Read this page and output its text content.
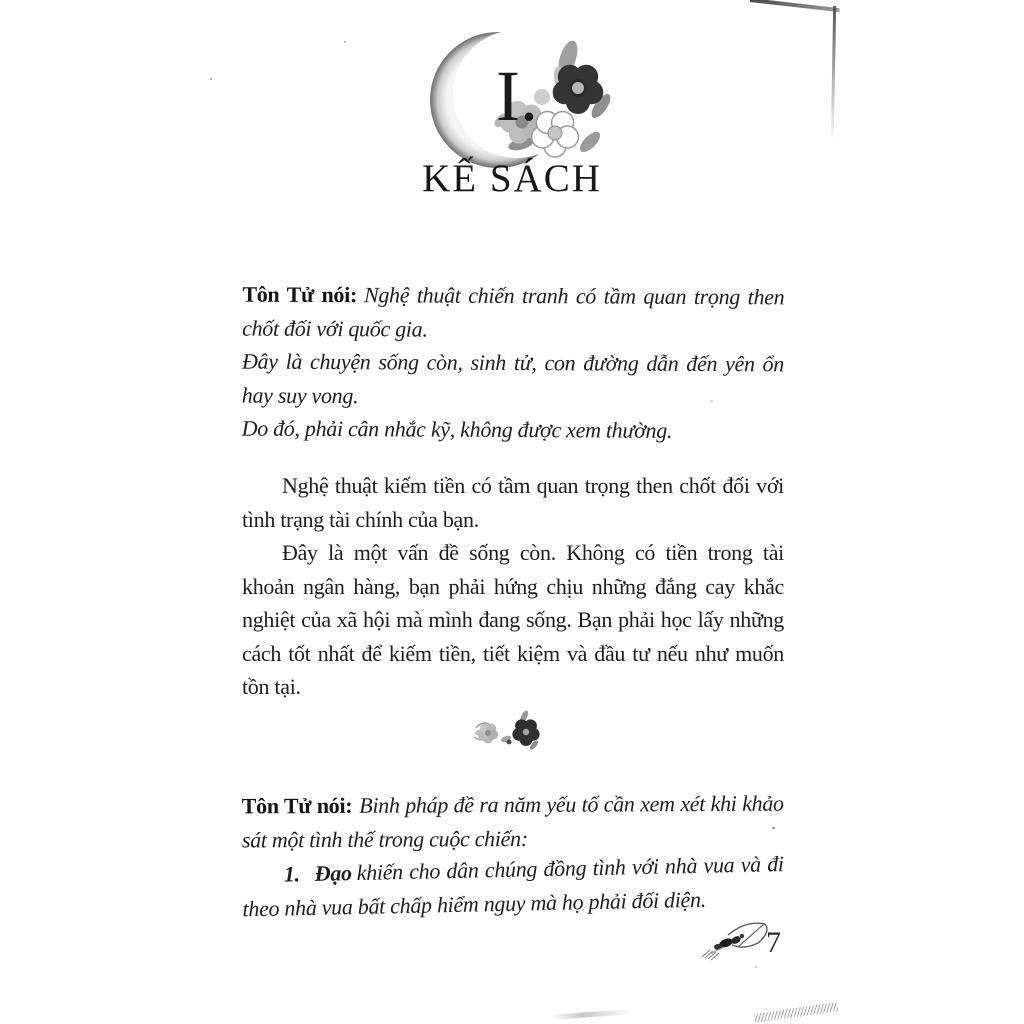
I.
KẾ SÁCH

Tôn Tử nói: Nghệ thuật chiến tranh có tầm quan trọng then chốt đối với quốc gia.

Đây là chuyện sống còn, sinh tử, con đường dẫn đến yên ổn hay suy vong.

Do đó, phải cân nhắc kỹ, không được xem thường.

Nghệ thuật kiếm tiền có tầm quan trọng then chốt đối với tình trạng tài chính của bạn.

Đây là một vấn đề sống còn. Không có tiền trong tài khoản ngân hàng, bạn phải hứng chịu những đắng cay khắc nghiệt của xã hội mà mình đang sống. Bạn phải học lấy những cách tốt nhất để kiếm tiền, tiết kiệm và đầu tư nếu như muốn tồn tại.

Tôn Tử nói: Binh pháp đề ra năm yếu tố cần xem xét khi khảo sát một tình thế trong cuộc chiến:

1. Đạo khiến cho dân chúng đồng tình với nhà vua và đi theo nhà vua bất chấp hiểm nguy mà họ phải đối diện.

7
